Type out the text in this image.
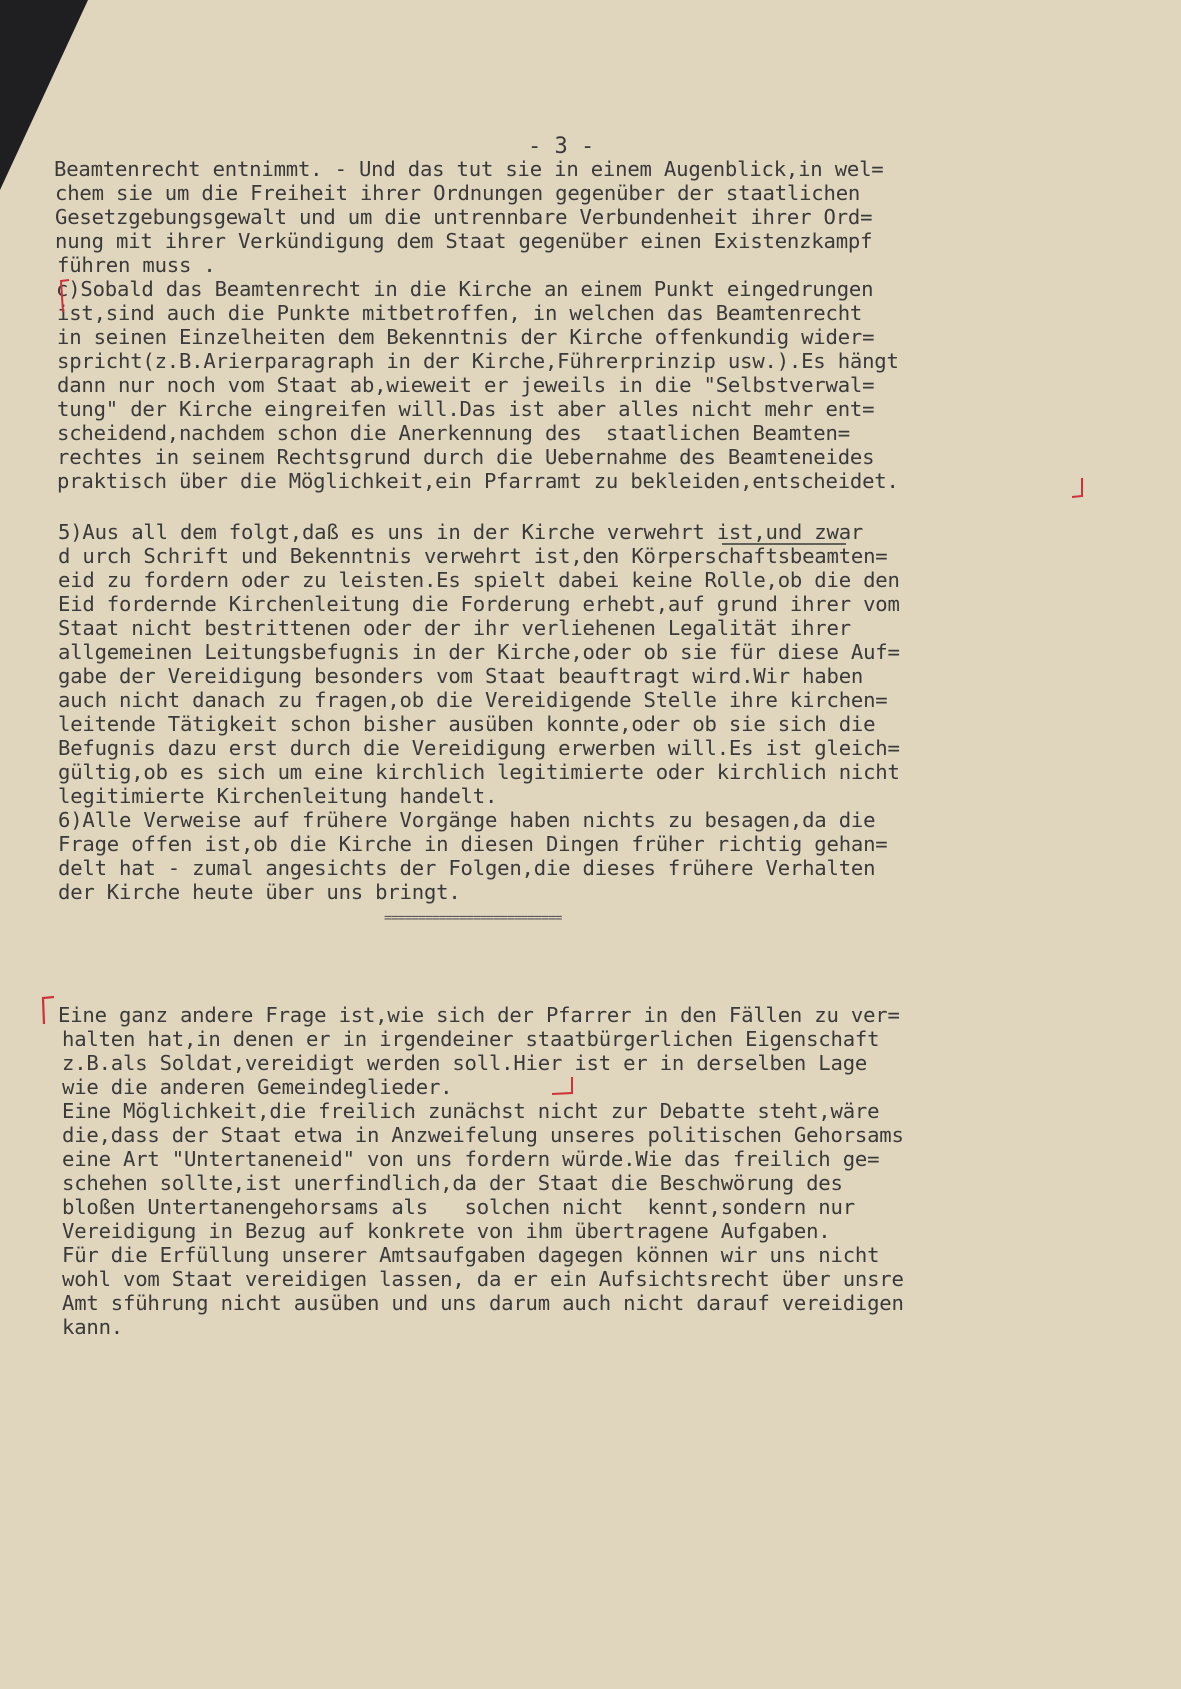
- 3 -
Beamtenrecht entnimmt. - Und das tut sie in einem Augenblick,in wel=
chem sie um die Freiheit ihrer Ordnungen gegenüber der staatlichen
Gesetzgebungsgewalt und um die untrennbare Verbundenheit ihrer Ord=
nung mit ihrer Verkündigung dem Staat gegenüber einen Existenzkampf
führen muss .
c)Sobald das Beamtenrecht in die Kirche an einem Punkt eingedrungen
ist,sind auch die Punkte mitbetroffen, in welchen das Beamtenrecht
in seinen Einzelheiten dem Bekenntnis der Kirche offenkundig wider=
spricht(z.B.Arierparagraph in der Kirche,Führerprinzip usw.).Es hängt
dann nur noch vom Staat ab,wieweit er jeweils in die "Selbstverwal=
tung" der Kirche eingreifen will.Das ist aber alles nicht mehr ent=
scheidend,nachdem schon die Anerkennung des  staatlichen Beamten=
rechtes in seinem Rechtsgrund durch die Uebernahme des Beamteneides
praktisch über die Möglichkeit,ein Pfarramt zu bekleiden,entscheidet.
5)Aus all dem folgt,daß es uns in der Kirche verwehrt ist,und zwar
d urch Schrift und Bekenntnis verwehrt ist,den Körperschaftsbeamten=
eid zu fordern oder zu leisten.Es spielt dabei keine Rolle,ob die den
Eid fordernde Kirchenleitung die Forderung erhebt,auf grund ihrer vom
Staat nicht bestrittenen oder der ihr verliehenen Legalität ihrer
allgemeinen Leitungsbefugnis in der Kirche,oder ob sie für diese Auf=
gabe der Vereidigung besonders vom Staat beauftragt wird.Wir haben
auch nicht danach zu fragen,ob die Vereidigende Stelle ihre kirchen=
leitende Tätigkeit schon bisher ausüben konnte,oder ob sie sich die
Befugnis dazu erst durch die Vereidigung erwerben will.Es ist gleich=
gültig,ob es sich um eine kirchlich legitimierte oder kirchlich nicht
legitimierte Kirchenleitung handelt.
6)Alle Verweise auf frühere Vorgänge haben nichts zu besagen,da die
Frage offen ist,ob die Kirche in diesen Dingen früher richtig gehan=
delt hat - zumal angesichts der Folgen,die dieses frühere Verhalten
der Kirche heute über uns bringt.
==========================
Eine ganz andere Frage ist,wie sich der Pfarrer in den Fällen zu ver=
halten hat,in denen er in irgendeiner staatbürgerlichen Eigenschaft
z.B.als Soldat,vereidigt werden soll.Hier ist er in derselben Lage
wie die anderen Gemeindeglieder.
Eine Möglichkeit,die freilich zunächst nicht zur Debatte steht,wäre
die,dass der Staat etwa in Anzweifelung unseres politischen Gehorsams
eine Art "Untertaneneid" von uns fordern würde.Wie das freilich ge=
schehen sollte,ist unerfindlich,da der Staat die Beschwörung des
bloßen Untertanengehorsams als   solchen nicht  kennt,sondern nur
Vereidigung in Bezug auf konkrete von ihm übertragene Aufgaben.
Für die Erfüllung unserer Amtsaufgaben dagegen können wir uns nicht
wohl vom Staat vereidigen lassen, da er ein Aufsichtsrecht über unsre
Amt sführung nicht ausüben und uns darum auch nicht darauf vereidigen
kann.
